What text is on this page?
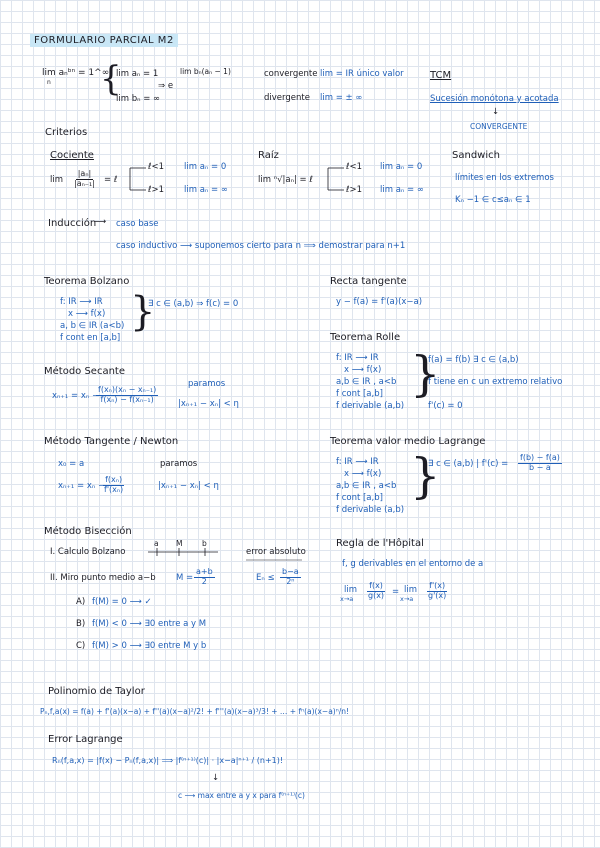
FORMULARIO PARCIAL M2
lim aₙᵇⁿ = 1^∞
n {
lim aₙ = 1
lim bₙ = ∞
⇒ e
lim bₙ(aₙ − 1)	convergente lim = IR único valor
divergente lim = ± ∞
TCM
Sucesión monótona y acotada
↓
CONVERGENTE
Criterios
Cociente
$\lim \frac{\text{|aₙ|}}{\text{|aₙ₋₁|}}$ = ℓ
ℓ<1 lim aₙ = 0
ℓ>1 lim aₙ = ∞
Raíz
lim ⁿ√|aₙ| = ℓ
ℓ<1 lim aₙ = 0
ℓ>1 lim aₙ = ∞
Sandwich
límites en los extremos
Kₙ −1 ∈ c≤aₙ ∈ 1
Inducción
⟶ caso base
caso inductivo ⟶ suponemos cierto para n ⟹ demostrar para n+1
Teorema Bolzano
f: IR ⟶ IR
x ⟶ f(x)
a, b ∈ IR (a<b)
f cont en [a,b]
}
∃ c ∈ (a,b) ⇒ f(c) = 0
Recta tangente
y − f(a) = f'(a)(x−a)
Método Secante
paramos
xₙ₊₁ = xₙ −
$\frac{\text{f(xₙ)(xₙ − xₙ₋₁)}}{\text{f(xₙ) − f(xₙ₋₁)}} |x_{n+1} - x_n| < \eta$
Teorema Rolle
f: IR ⟶ IR
x ⟶ f(x)
a,b ∈ IR , a<b
f cont [a,b]
f derivable (a,b)
}
f(a) = f(b) ∃ c ∈ (a,b)
f tiene en c un extremo relativo
f'(c) = 0
Método Tangente / Newton
x₀ = a	paramos
xₙ₊₁ = xₙ −
$\frac{\text{f(xₙ)}}{\text{f'(xₙ)}}$	|xₙ₊₁ − xₙ| < η
Teorema valor medio Lagrange
f: IR ⟶ IR
x ⟶ f(x)
a,b ∈ IR , a<b
f cont [a,b]
f derivable (a,b)
}
∃ c ∈ (a,b) | $f'(c) = \frac{f(b) - f(a)}{b - a}$
Método Bisección
I. Calculo Bolzano
a M	b
error absoluto
II. Miro punto medio a−b $M = \frac{a+b}{2}$	$E_n \le \frac{b-a}{\text{2ⁿ}}$
A) f(M) = 0 ⟶ ✓
B) f(M) < 0 ⟶ ∃0 entre a y M
C) f(M) > 0 ⟶ ∃0 entre M y b
Regla de l'Hôpital
f, g derivables en el entorno de a
lim
$x\to a \frac{f(x)}{g(x)} = \lim$
$x\to a \frac{f'(x)}{g'(x)}$
Polinomio de Taylor
Pₙ,f,a(x) = f(a) + f'(a)(x−a) + f''(a)(x−a)²/2! + f'''(a)(x−a)³/3! + … + fⁿ(a)(x−a)ⁿ/n!
Error Lagrange
Rₙ(f,a,x) = |f(x) − Pₙ(f,a,x)| ⟹ |f⁽ⁿ⁺¹⁾(c)| · |x−a|ⁿ⁺¹ / (n+1)!
↓
c ⟶ max entre a y x para f⁽ⁿ⁺¹⁾(c)
